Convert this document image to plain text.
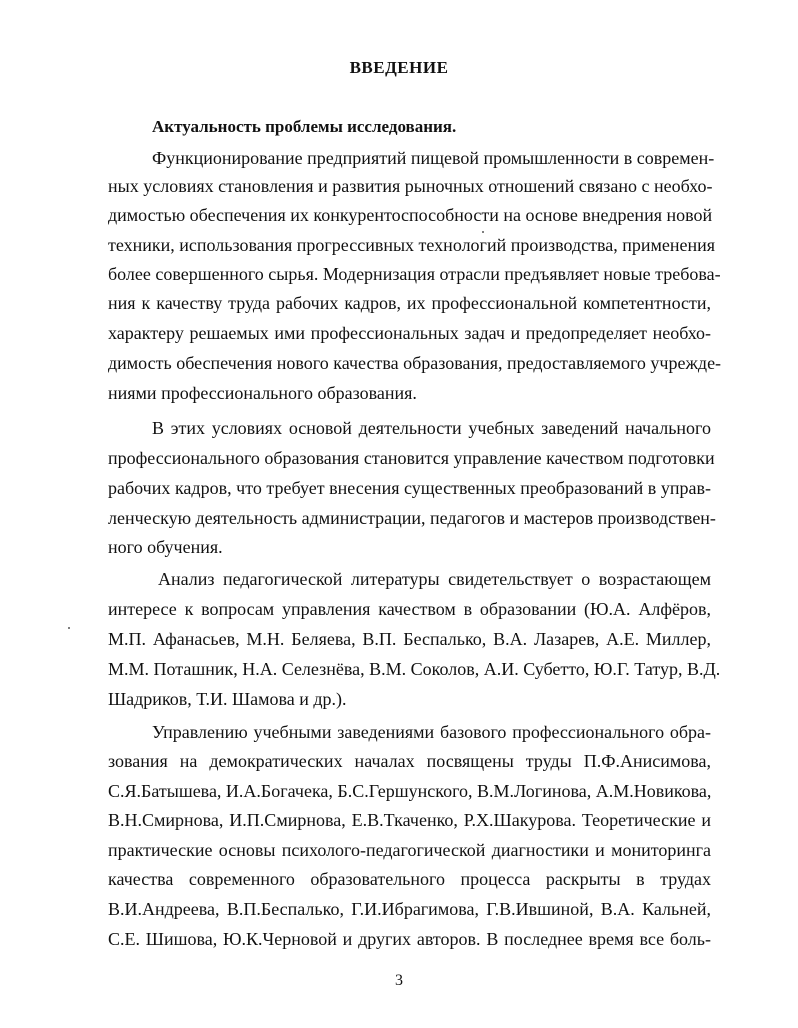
ВВЕДЕНИЕ
Актуальность проблемы исследования.
Функционирование предприятий пищевой промышленности в современ-
ных условиях становления и развития рыночных отношений связано с необхо-
димостью обеспечения их конкурентоспособности на основе внедрения новой
техники, использования прогрессивных технологий производства, применения
более совершенного сырья. Модернизация отрасли предъявляет новые требова-
ния к качеству труда рабочих кадров, их профессиональной компетентности,
характеру решаемых ими профессиональных задач и предопределяет необхо-
димость обеспечения нового качества образования, предоставляемого учрежде-
ниями профессионального образования.
В этих условиях основой деятельности учебных заведений начального
профессионального образования становится управление качеством подготовки
рабочих кадров, что требует внесения существенных преобразований в управ-
ленческую деятельность администрации, педагогов и мастеров производствен-
ного обучения.
Анализ педагогической литературы свидетельствует о возрастающем
интересе к вопросам управления качеством в образовании (Ю.А. Алфёров,
М.П. Афанасьев, М.Н. Беляева, В.П. Беспалько, В.А. Лазарев, А.Е. Миллер,
М.М. Поташник, Н.А. Селезнёва, В.М. Соколов, А.И. Субетто, Ю.Г. Татур, В.Д.
Шадриков, Т.И. Шамова и др.).
Управлению учебными заведениями базового профессионального обра-
зования на демократических началах посвящены труды П.Ф.Анисимова,
С.Я.Батышева, И.А.Богачека, Б.С.Гершунского, В.М.Логинова, А.М.Новикова,
В.Н.Смирнова, И.П.Смирнова, Е.В.Ткаченко, Р.Х.Шакурова. Теоретические и
практические основы психолого-педагогической диагностики и мониторинга
качества современного образовательного процесса раскрыты в трудах
В.И.Андреева, В.П.Беспалько, Г.И.Ибрагимова, Г.В.Ившиной, В.А. Кальней,
С.Е. Шишова, Ю.К.Черновой и других авторов. В последнее время все боль-
3
